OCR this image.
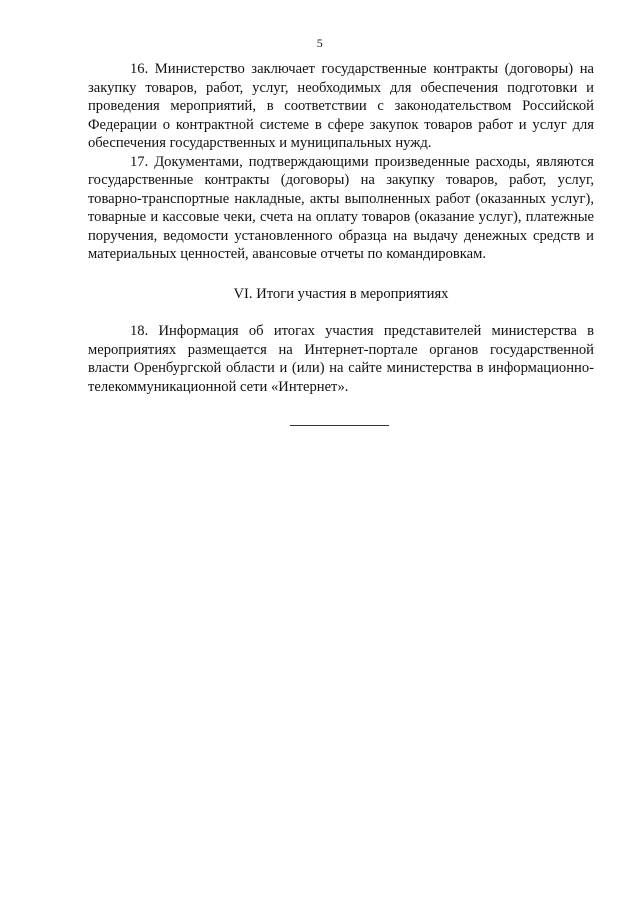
5

16. Министерство заключает государственные контракты (договоры) на закупку товаров, работ, услуг, необходимых для обеспечения подготовки и проведения мероприятий, в соответствии с законодательством Российской Федерации о контрактной системе в сфере закупок товаров работ и услуг для обеспечения государственных и муниципальных нужд.

17. Документами, подтверждающими произведенные расходы, являются государственные контракты (договоры) на закупку товаров, работ, услуг, товарно-транспортные накладные, акты выполненных работ (оказанных услуг), товарные и кассовые чеки, счета на оплату товаров (оказание услуг), платежные поручения, ведомости установленного образца на выдачу денежных средств и материальных ценностей, авансовые отчеты по командировкам.

VI. Итоги участия в мероприятиях

18. Информация об итогах участия представителей министерства в мероприятиях размещается на Интернет-портале органов государственной власти Оренбургской области и (или) на сайте министерства в информационно-телекоммуникационной сети «Интернет».
